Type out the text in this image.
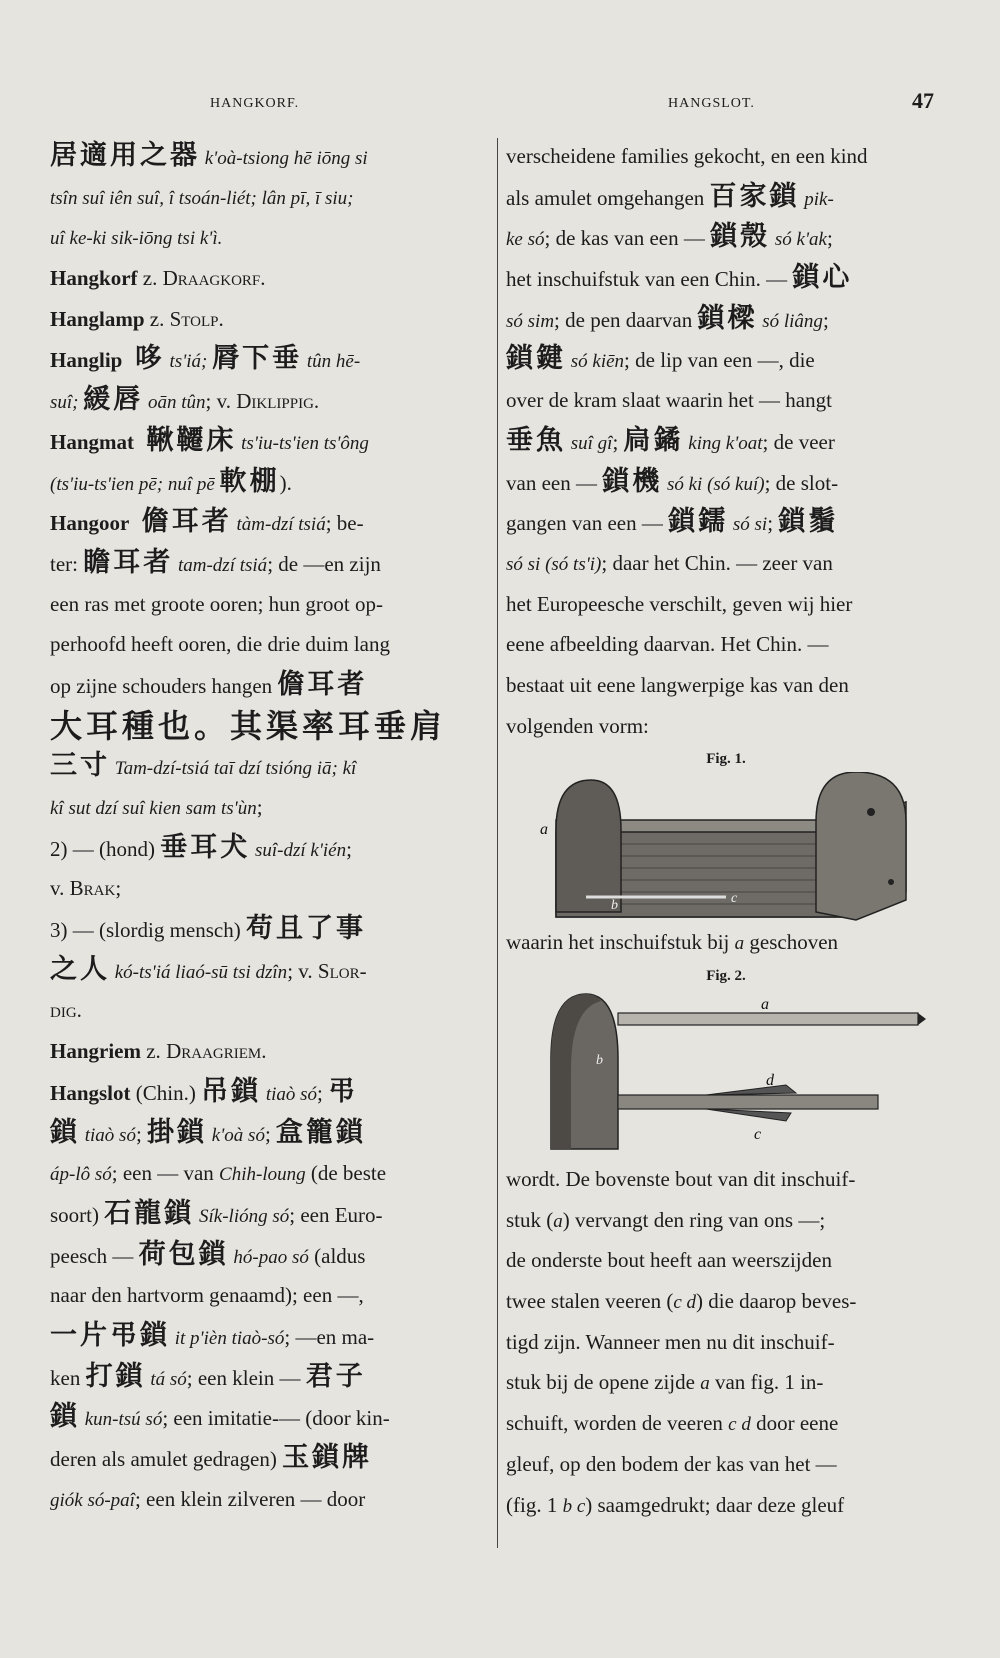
HANGKORF.	HANGSLOT.	47
居適用之器 k'oà-tsiong hē iōng si
tsîn suî iên suî, î tsoán-liét; lân pī, ī siu;
uî ke-ki sik-iōng tsi k'ì.
Hangkorf z. Draagkorf.
Hanglamp z. Stolp.
Hanglip 哆 ts'iá; 脣下垂 tûn hē-
suî; 緩唇 oān tûn; v. Diklippig.
Hangmat 鞦韆床 ts'iu-ts'ien ts'ông
(ts'iu-ts'ien pē; nuî pē 軟棚).
Hangoor 儋耳者 tàm-dzí tsiá; be-
ter: 瞻耳者 tam-dzí tsiá; de —en zijn
een ras met groote ooren; hun groot op-
perhoofd heeft ooren, die drie duim lang
op zijne schouders hangen 儋耳者
大耳種也。其渠率耳垂肩
三寸 Tam-dzí-tsiá taī dzí tsióng iā; kî
kî sut dzí suî kien sam ts'ùn;
2) — (hond) 垂耳犬 suî-dzí k'ién;
v. Brak;
3) — (slordig mensch) 苟且了事
之人 kó-ts'iá liaó-sū tsi dzîn; v. Slor-
dig.
Hangriem z. Draagriem.
Hangslot (Chin.) 吊鎖 tiaò só; 弔
鎖 tiaò só; 掛鎖 k'oà só; 盒籠鎖
áp-lô só; een — van Chih-loung (de beste
soort) 石龍鎖 Sík-lióng só; een Euro-
peesch — 荷包鎖 hó-pao só (aldus
naar den hartvorm genaamd); een —,
一片弔鎖 it p'ièn tiaò-só; —en ma-
ken 打鎖 tá só; een klein — 君子
鎖 kun-tsú só; een imitatie-— (door kin-
deren als amulet gedragen) 玉鎖牌
giók só-paî; een klein zilveren — door
verscheidene families gekocht, en een kind
als amulet omgehangen 百家鎖 pik-
ke só; de kas van een — 鎖殼 só k'ak;
het inschuifstuk van een Chin. — 鎖心
só sim; de pen daarvan 鎖樑 só liâng;
鎖鍵 só kiēn; de lip van een —, die
over de kram slaat waarin het — hangt
垂魚 suî gî; 扃鐍 king k'oat; de veer
van een — 鎖機 só ki (só kuí); de slot-
gangen van een — 鎖鑐 só si; 鎖鬚
só si (só ts'i); daar het Chin. — zeer van
het Europeesche verschilt, geven wij hier
eene afbeelding daarvan. Het Chin. —
bestaat uit eene langwerpige kas van den
volgenden vorm:
Fig. 1.
a
b	c
waarin het inschuifstuk bij a geschoven
Fig. 2.
a
b
d
c
wordt. De bovenste bout van dit inschuif-
stuk (a) vervangt den ring van ons —;
de onderste bout heeft aan weerszijden
twee stalen veeren (c d) die daarop beves-
tigd zijn. Wanneer men nu dit inschuif-
stuk bij de opene zijde a van fig. 1 in-
schuift, worden de veeren c d door eene
gleuf, op den bodem der kas van het —
(fig. 1 b c) saamgedrukt; daar deze gleuf
